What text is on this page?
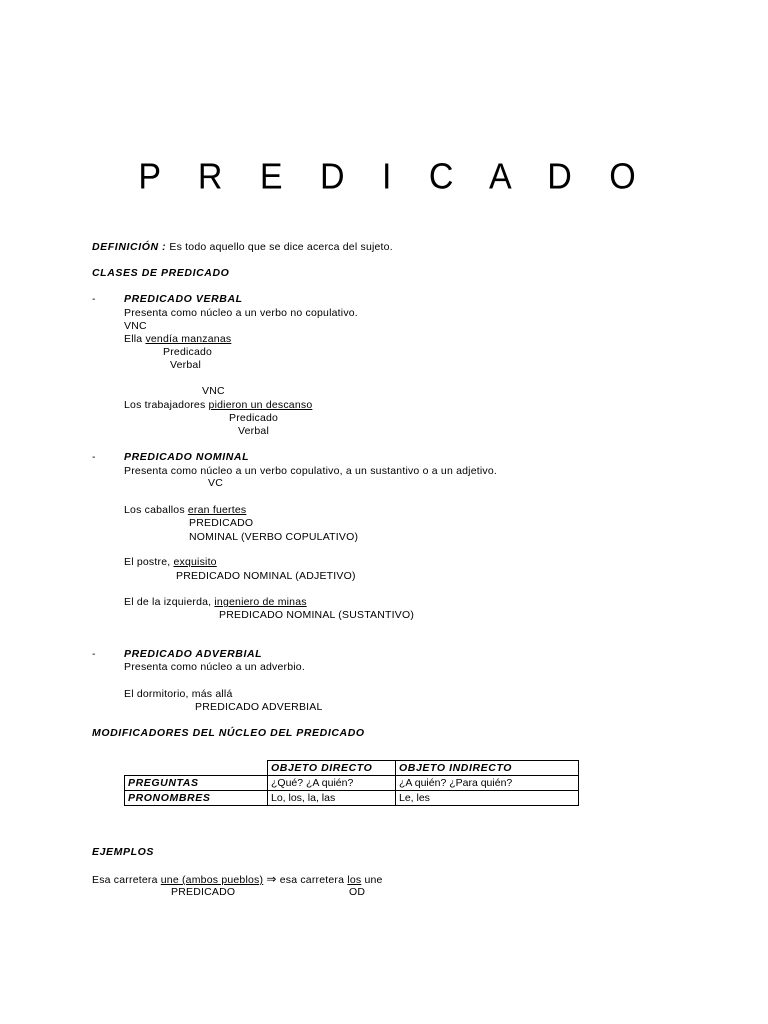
P R E D I C A D O
DEFINICIÓN : Es todo aquello que se dice acerca del sujeto.
CLASES DE PREDICADO
-	PREDICADO VERBAL
Presenta como núcleo a un verbo no copulativo.
VNC
Ella vendía manzanas
Predicado
Verbal
VNC
Los trabajadores pidieron un descanso
Predicado
Verbal
-	PREDICADO NOMINAL
Presenta como núcleo a un verbo copulativo, a un sustantivo o a un adjetivo.
VC
Los caballos eran fuertes
PREDICADO
NOMINAL (VERBO COPULATIVO)
El postre, exquisito
PREDICADO NOMINAL (ADJETIVO)
El de la izquierda, ingeniero de minas
PREDICADO NOMINAL (SUSTANTIVO)
-	PREDICADO ADVERBIAL
Presenta como núcleo a un adverbio.
El dormitorio, más allá
PREDICADO ADVERBIAL
MODIFICADORES DEL NÚCLEO DEL PREDICADO
	OBJETO DIRECTO	OBJETO INDIRECTO
PREGUNTAS	¿Qué? ¿A quién?	¿A quién? ¿Para quién?
PRONOMBRES	Lo, los, la, las	Le, les
EJEMPLOS
Esa carretera une (ambos pueblos) ⇒ esa carretera los une
PREDICADO	OD
